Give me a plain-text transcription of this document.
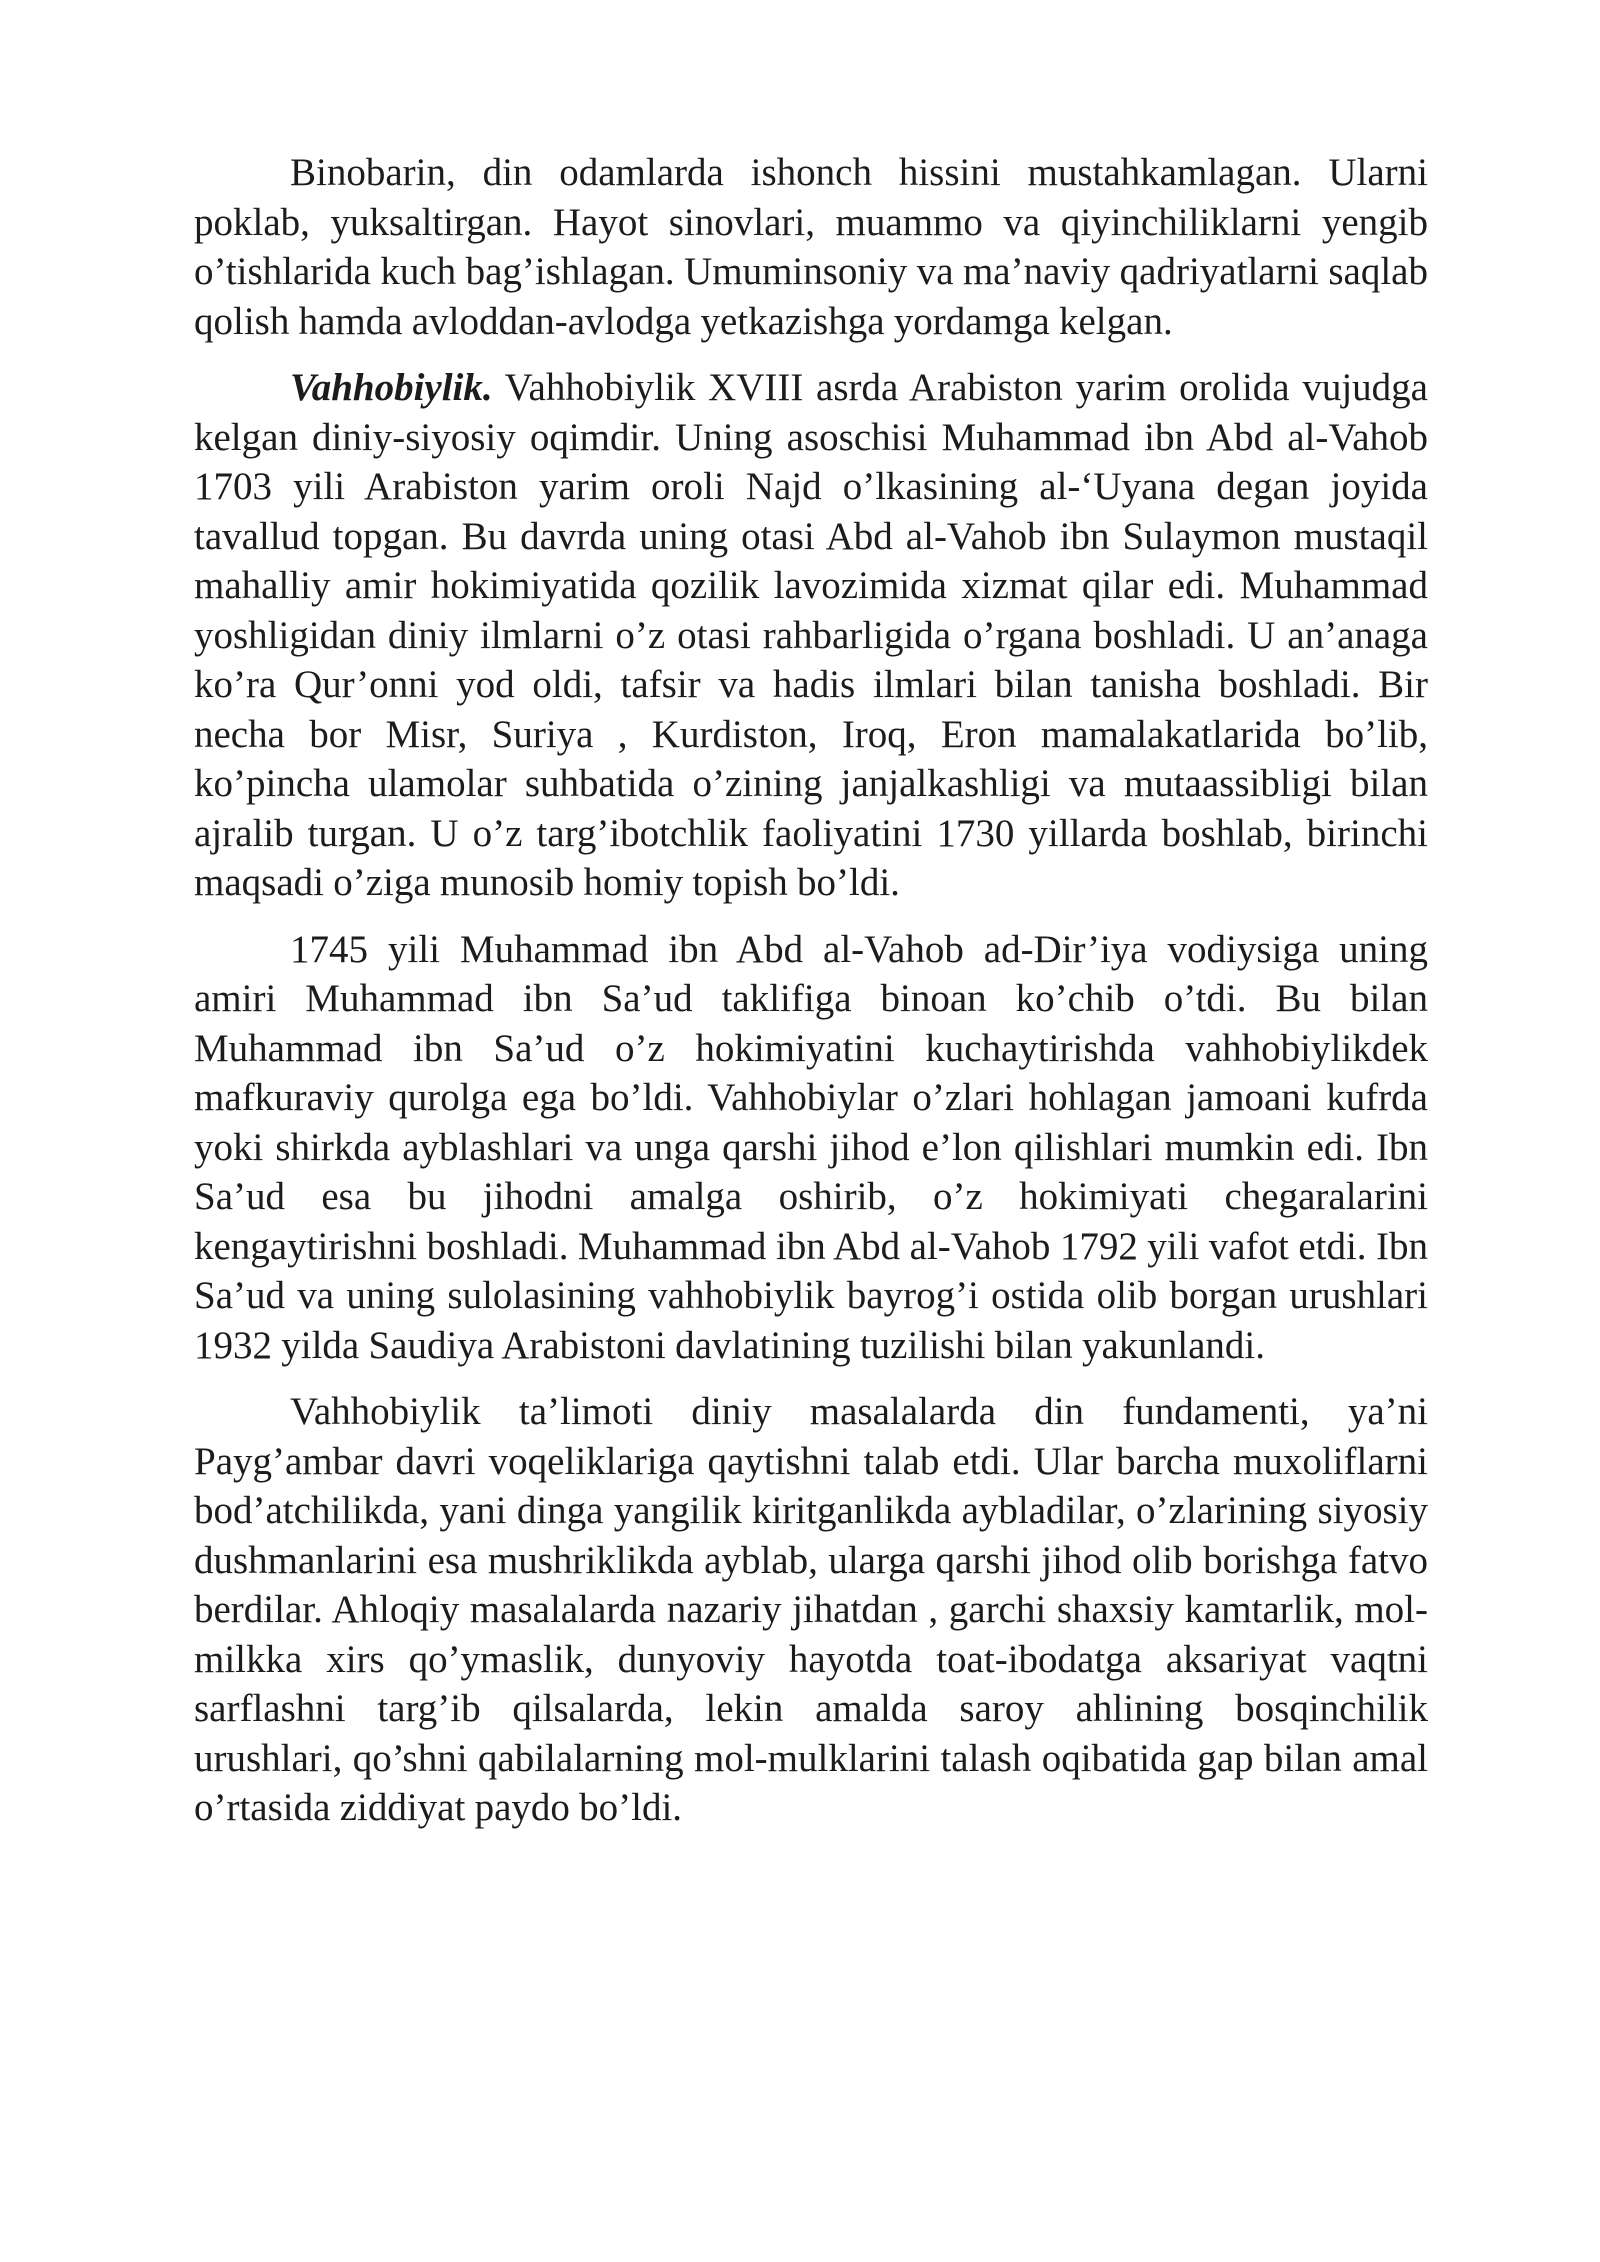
Binobarin, din odamlarda ishonch hissini mustahkamlagan. Ularni poklab, yuksaltirgan. Hayot sinovlari, muammo va qiyinchiliklarni yengib o’tishlarida kuch bag’ishlagan. Umuminsoniy va ma’naviy qadriyatlarni saqlab qolish hamda avloddan-avlodga yetkazishga yordamga kelgan.

Vahhobiylik. Vahhobiylik XVIII asrda Arabiston yarim orolida vujudga kelgan diniy-siyosiy oqimdir. Uning asoschisi Muhammad ibn Abd al-Vahob 1703 yili Arabiston yarim oroli Najd o’lkasining al-‘Uyana degan joyida tavallud topgan. Bu davrda uning otasi Abd al-Vahob ibn Sulaymon mustaqil mahalliy amir hokimiyatida qozilik lavozimida xizmat qilar edi. Muhammad yoshligidan diniy ilmlarni o’z otasi rahbarligida o’rgana boshladi. U an’anaga ko’ra Qur’onni yod oldi, tafsir va hadis ilmlari bilan tanisha boshladi. Bir necha bor Misr, Suriya , Kurdiston, Iroq, Eron mamalakatlarida bo’lib, ko’pincha ulamolar suhbatida o’zining janjalkashligi va mutaassibligi bilan ajralib turgan. U o’z targ’ibotchlik faoliyatini 1730 yillarda boshlab, birinchi maqsadi o’ziga munosib homiy topish bo’ldi.

1745 yili Muhammad ibn Abd al-Vahob ad-Dir’iya vodiysiga uning amiri Muhammad ibn Sa’ud taklifiga binoan ko’chib o’tdi. Bu bilan Muhammad ibn Sa’ud o’z hokimiyatini kuchaytirishda vahhobiylikdek mafkuraviy qurolga ega bo’ldi. Vahhobiylar o’zlari hohlagan jamoani kufrda yoki shirkda ayblashlari va unga qarshi jihod e’lon qilishlari mumkin edi. Ibn Sa’ud esa bu jihodni amalga oshirib, o’z hokimiyati chegaralarini kengaytirishni boshladi. Muhammad ibn Abd al-Vahob 1792 yili vafot etdi. Ibn Sa’ud va uning sulolasining vahhobiylik bayrog’i ostida olib borgan urushlari 1932 yilda Saudiya Arabistoni davlatining tuzilishi bilan yakunlandi.

Vahhobiylik ta’limoti diniy masalalarda din fundamenti, ya’ni Payg’ambar davri voqeliklariga qaytishni talab etdi. Ular barcha muxoliflarni bod’atchilikda, yani dinga yangilik kiritganlikda aybladilar, o’zlarining siyosiy dushmanlarini esa mushriklikda ayblab, ularga qarshi jihod olib borishga fatvo berdilar. Ahloqiy masalalarda nazariy jihatdan , garchi shaxsiy kamtarlik, mol-milkka xirs qo’ymaslik, dunyoviy hayotda toat-ibodatga aksariyat vaqtni sarflashni targ’ib qilsalarda, lekin amalda saroy ahlining bosqinchilik urushlari, qo’shni qabilalarning mol-mulklarini talash oqibatida gap bilan amal o’rtasida ziddiyat paydo bo’ldi.
